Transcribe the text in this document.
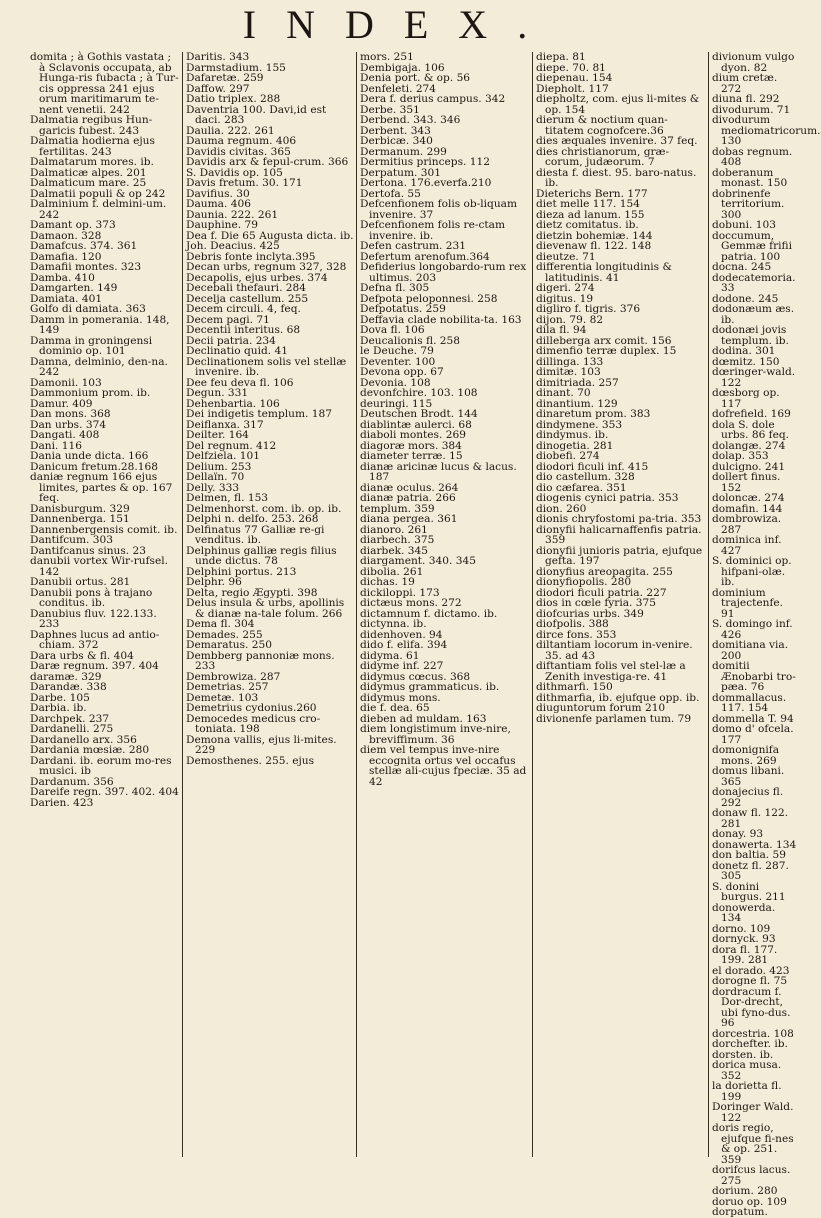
INDEX.

domita ; à Gothis vastata ; à Sclavonis occupata, ab Hunga-ris fubacta ; à Tur-cis oppressa 241 ejus orum maritimarum te-nent venetii. 242

Dalmatia regibus Hun-garicis fubest. 243

Dalmatia hodierna ejus fertilitas. 243

Dalmatarum mores. ib.

Dalmaticæ alpes. 201

Dalmaticum mare. 25

Dalmatii populi & op 242

Dalminium f. delmini-um. 242

Damant op. 373

Damaon. 328

Damafcus. 374. 361

Damafia. 120

Damafii montes. 323

Damba. 410

Damgarten. 149

Damiata. 401

Golfo di damiata. 363

Damm in pomerania. 148, 149

Damma in groningensi dominio op. 101

Damna, delminio, den-na. 242

Damonii. 103

Dammonium prom. ib.

Damur. 409

Dan mons. 368

Dan urbs. 374

Dangati. 408

Dani. 116

Dania unde dicta. 166

Danicum fretum.28.168

daniæ regnum 166 ejus limites, partes & op. 167 feq.

Danisburgum. 329

Dannenberga. 151

Dannenbergensis comit. ib.

Dantifcum. 303

Dantifcanus sinus. 23

danubii vortex Wir-rufsel. 142

Danubii ortus. 281

Danubii pons à trajano conditus. ib.

Danubius fluv. 122.133. 233

Daphnes lucus ad antio-chiam. 372

Dara urbs & fl. 404

Daræ regnum. 397. 404

daramæ. 329

Darandæ. 338

Darbe. 105

Darbia. ib.

Darchpek. 237

Dardanelli. 275

Dardanello arx. 356

Dardania mœsiæ. 280

Dardani. ib. eorum mo-res musici. ib

Dardanum. 356

Dareife regn. 397. 402. 404

Darien. 423

Daritis. 343

Darmstadium. 155

Dafaretæ. 259

Daffow. 297

Datio triplex. 288

Daventria 100. Davi,id est daci. 283

Daulia. 222. 261

Dauma regnum. 406

Davidis civitas. 365

Davidis arx & fepul-crum. 366

S. Davidis op. 105

Davis fretum. 30. 171

Davifius. 30

Dauma. 406

Daunia. 222. 261

Dauphine. 79

Dea f. Die 65 Augusta dicta. ib.

Joh. Deacius. 425

Debris fonte inclyta.395

Decan urbs, regnum 327, 328

Decapolis, ejus urbes. 374

Decebali thefauri. 284

Decelja castellum. 255

Decem circuli. 4, feq.

Decem pagi. 71

Decentii interitus. 68

Decii patria. 234

Declinatio quid. 41

Declinationem solis vel stellæ invenire. ib.

Dee feu deva fl. 106

Degun. 331

Dehenbartia. 106

Dei indigetis templum. 187

Deiflanxa. 317

Deilter. 164

Del regnum. 412

Delfziela. 101

Delium. 253

Dellaïn. 70

Delly. 333

Delmen, fl. 153

Delmenhorst. com. ib. op. ib.

Delphi n. delfo. 253. 268

Delfinatus 77 Galliæ re-gi venditus. ib.

Delphinus galliæ regis filius unde dictus. 78

Delphini portus. 213

Delphr. 96

Delta, regio Ægypti. 398

Delus insula & urbs, apollinis & dianæ na-tale folum. 266

Dema fl. 304

Demades. 255

Demaratus. 250

Dembberg pannoniæ mons. 233

Dembrowiza. 287

Demetrias. 257

Demetæ. 103

Demetrius cydonius.260

Democedes medicus cro-toniata. 198

Demona vallis, ejus li-mites. 229

Demosthenes. 255. ejus

mors. 251

Dembigaja. 106

Denia port. & op. 56

Denfeleti. 274

Dera f. derius campus. 342

Derbe. 351

Derbend. 343. 346

Derbent. 343

Derbicæ. 340

Dermanum. 299

Dermitius princeps. 112

Derpatum. 301

Dertona. 176.everfa.210

Dertofa. 55

Defcenfionem folis ob-liquam invenire. 37

Defcenfionem folis re-ctam invenire. ib.

Defen castrum. 231

Defertum arenofum.364

Defiderius longobardo-rum rex ultimus. 203

Defna fl. 305

Defpota peloponnesi. 258

Defpotatus. 259

Deffavia clade nobilita-ta. 163

Dova fl. 106

Deucalionis fl. 258

le Deuche. 79

Deventer. 100

Devona opp. 67

Devonia. 108

devonfchire. 103. 108

deuringi. 115

Deutschen Brodt. 144

diablintæ aulerci. 68

diaboli montes. 269

diagoræ mors. 384

diameter terræ. 15

dianæ aricinæ lucus & lacus. 187

dianæ oculus. 264

dianæ patria. 266

templum. 359

diana pergea. 361

dianoro. 261

diarbech. 375

diarbek. 345

diargament. 340. 345

dibolia. 261

dichas. 19

dickiloppi. 173

dictæus mons. 272

dictamnum f. dictamo. ib.

dictynna. ib.

didenhoven. 94

dido f. elifa. 394

didyma. 61

didyme inf. 227

didymus cœcus. 368

didymus grammaticus. ib.

didymus mons.

die f. dea. 65

dieben ad muldam. 163

diem longistimum inve-nire, breviffimum. 36

diem vel tempus inve-nire eccognita ortus vel occafus stellæ ali-cujus fpeciæ. 35 ad 42

diepa. 81

diepe. 70. 81

diepenau. 154

Diepholt. 117

diepholtz, com. ejus li-mites & op. 154

dierum & noctium quan-titatem cognofcere.36

dies æquales invenire. 37 feq.

dies christianorum, græ-corum, judæorum. 7

diesta f. diest. 95. baro-natus. ib.

Dieterichs Bern. 177

diet melle 117. 154

dieza ad lanum. 155

dietz comitatus. ib.

dietzin bohemiæ. 144

dievenaw fl. 122. 148

dieutze. 71

differentia longitudinis & latitudinis. 41

digeri. 274

digitus. 19

digliro f. tigris. 376

dijon. 79. 82

dila fl. 94

dilleberga arx comit. 156

dimenfio terræ duplex. 15

dillinga. 133

dimitæ. 103

dimitriada. 257

dinant. 70

dinantium. 129

dinaretum prom. 383

dindymene. 353

dindymus. ib.

dinogetia. 281

diobefi. 274

diodori ficuli inf. 415

dio castellum. 328

dio cæfarea. 351

diogenis cynici patria. 353

dion. 260

dionis chryfostomi pa-tria. 353

dionyfii halicarnaffenfis patria. 359

dionyfii junioris patria, ejufque gefta. 197

dionyfius areopagita. 255

dionyfiopolis. 280

diodori ficuli patria. 227

dios in cœle fyria. 375

diofcurias urbs. 349

diofpolis. 388

dirce fons. 353

diltantiam locorum in-venire. 35. ad 43

diftantiam folis vel stel-læ a Zenith investiga-re. 41

dithmarfi. 150

dithmarfia, ib. ejufque opp. ib.

diuguntorum forum 210

divionenfe parlamen tum. 79

divionum vulgo dyon. 82

dium cretæ. 272

diuna fl. 292

divodurum. 71

divodurum mediomatricorum. 130

dobas regnum. 408

doberanum monast. 150

dobrinenfe territorium. 300

dobuni. 103

doccumum, Gemmæ frifii patria. 100

docna. 245

dodecatemoria. 33

dodone. 245

dodonæum æs. ib.

dodonæi jovis templum. ib.

dodina. 301

dœmitz. 150

dœringer-wald. 122

dœsborg op. 117

dofrefield. 169

dola S. dole urbs. 86 feq.

dolangæ. 274

dolap. 353

dulcigno. 241

dollert finus. 152

doloncæ. 274

domafin. 144

dombrowiza. 287

dominica inf. 427

S. dominici op. hifpani-olæ. ib.

dominium trajectenfe. 91

S. domingo inf. 426

domitiana via. 200

domitii Ænobarbi tro-pæa. 76

dommallacus. 117. 154

dommella T. 94

domo d' ofcela. 177

domonignifa mons. 269

domus libani. 365

donajecius fl. 292

donaw fl. 122. 281

donay. 93

donawerta. 134

don baltia. 59

donetz fl. 287. 305

S. donini burgus. 211

donowerda. 134

dorno. 109

dornyck. 93

dora fl. 177. 199. 281

el dorado. 423

dorogne fl. 75

dordracum f. Dor-drecht, ubi fyno-dus. 96

dorcestria. 108

dorchefter. ib.

dorsten. ib.

dorica musa. 352

la dorietta fl. 199

Doringer Wald. 122

doris regio, ejufque fi-nes & op. 251. 359

dorifcus lacus. 275

dorium. 280

doruo op. 109

dorpatum.
